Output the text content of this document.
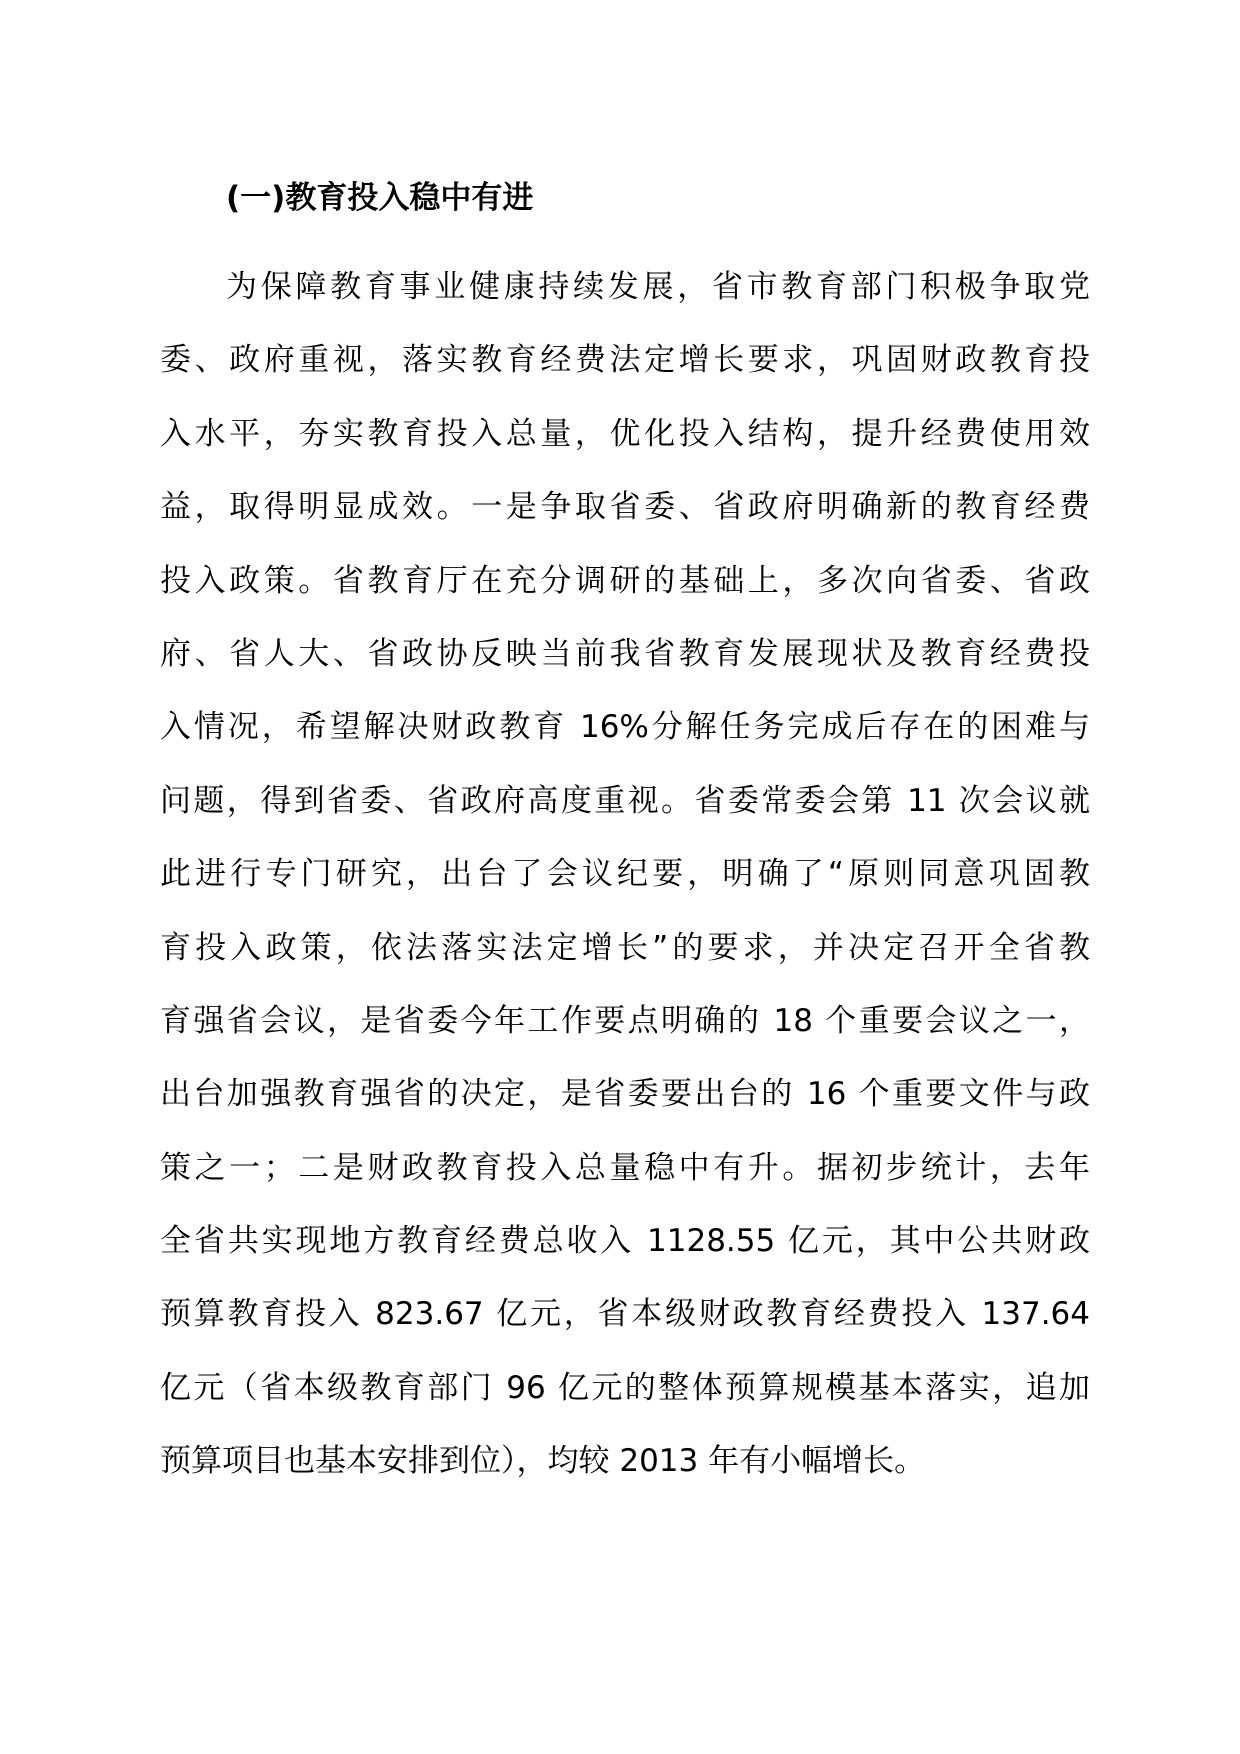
(一)教育投入稳中有进
为保障教育事业健康持续发展，省市教育部门积极争取党
委、政府重视，落实教育经费法定增长要求，巩固财政教育投
入水平，夯实教育投入总量，优化投入结构，提升经费使用效
益，取得明显成效。一是争取省委、省政府明确新的教育经费
投入政策。省教育厅在充分调研的基础上，多次向省委、省政
府、省人大、省政协反映当前我省教育发展现状及教育经费投
入情况，希望解决财政教育 16%分解任务完成后存在的困难与
问题，得到省委、省政府高度重视。省委常委会第 11 次会议就
此进行专门研究，出台了会议纪要，明确了“原则同意巩固教
育投入政策，依法落实法定增长”的要求，并决定召开全省教
育强省会议，是省委今年工作要点明确的 18 个重要会议之一，
出台加强教育强省的决定，是省委要出台的 16 个重要文件与政
策之一；二是财政教育投入总量稳中有升。据初步统计，去年
全省共实现地方教育经费总收入 1128.55 亿元，其中公共财政
预算教育投入 823.67 亿元，省本级财政教育经费投入 137.64
亿元（省本级教育部门 96 亿元的整体预算规模基本落实，追加
预算项目也基本安排到位），均较 2013 年有小幅增长。
